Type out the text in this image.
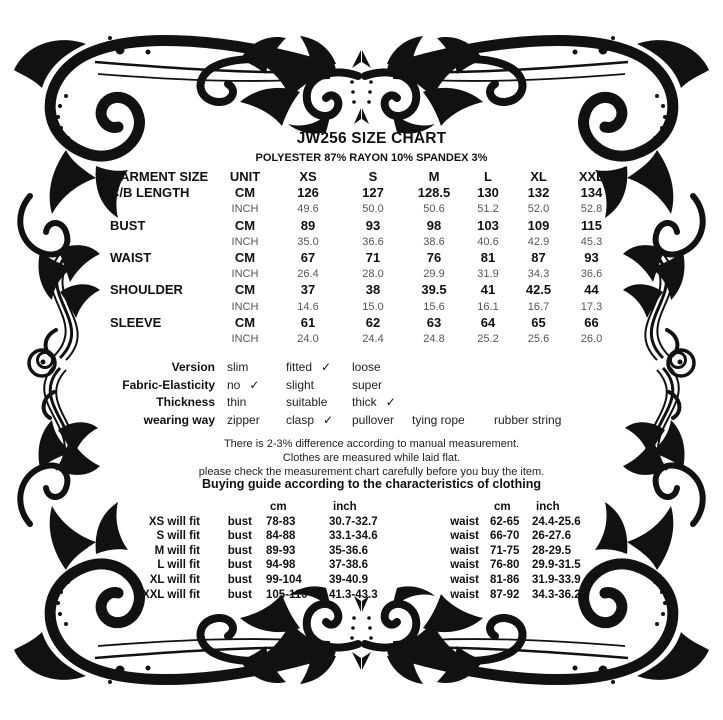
JW256 SIZE CHART
POLYESTER 87% RAYON 10% SPANDEX 3%
GARMENT SIZE	UNIT	XS	S	M	L	XL	XXL
C/B LENGTH	CM	126	127	128.5	130	132	134
	INCH	49.6	50.0	50.6	51.2	52.0	52.8
BUST	CM	89	93	98	103	109	115
	INCH	35.0	36.6	38.6	40.6	42.9	45.3
WAIST	CM	67	71	76	81	87	93
	INCH	26.4	28.0	29.9	31.9	34.3	36.6
SHOULDER	CM	37	38	39.5	41	42.5	44
	INCH	14.6	15.0	15.6	16.1	16.7	17.3
SLEEVE	CM	61	62	63	64	65	66
	INCH	24.0	24.4	24.8	25.2	25.6	26.0
Version	slim	fitted ✓	loose		
Fabric-Elasticity	no ✓	slight	super		
Thickness	thin	suitable	thick ✓		
wearing way	zipper	clasp ✓	pullover	tying rope	rubber string
There is 2-3% difference according to manual measurement.
Clothes are measured while laid flat.
please check the measurement chart carefully before you buy the item.
Buying guide according to the characteristics of clothing
		cm	inch		cm	inch
XS will fit	bust	78-83	30.7-32.7	waist	62-65	24.4-25.6
S will fit	bust	84-88	33.1-34.6	waist	66-70	26-27.6
M will fit	bust	89-93	35-36.6	waist	71-75	28-29.5
L will fit	bust	94-98	37-38.6	waist	76-80	29.9-31.5
XL will fit	bust	99-104	39-40.9	waist	81-86	31.9-33.9
XXL will fit	bust	105-110	41.3-43.3	waist	87-92	34.3-36.2
